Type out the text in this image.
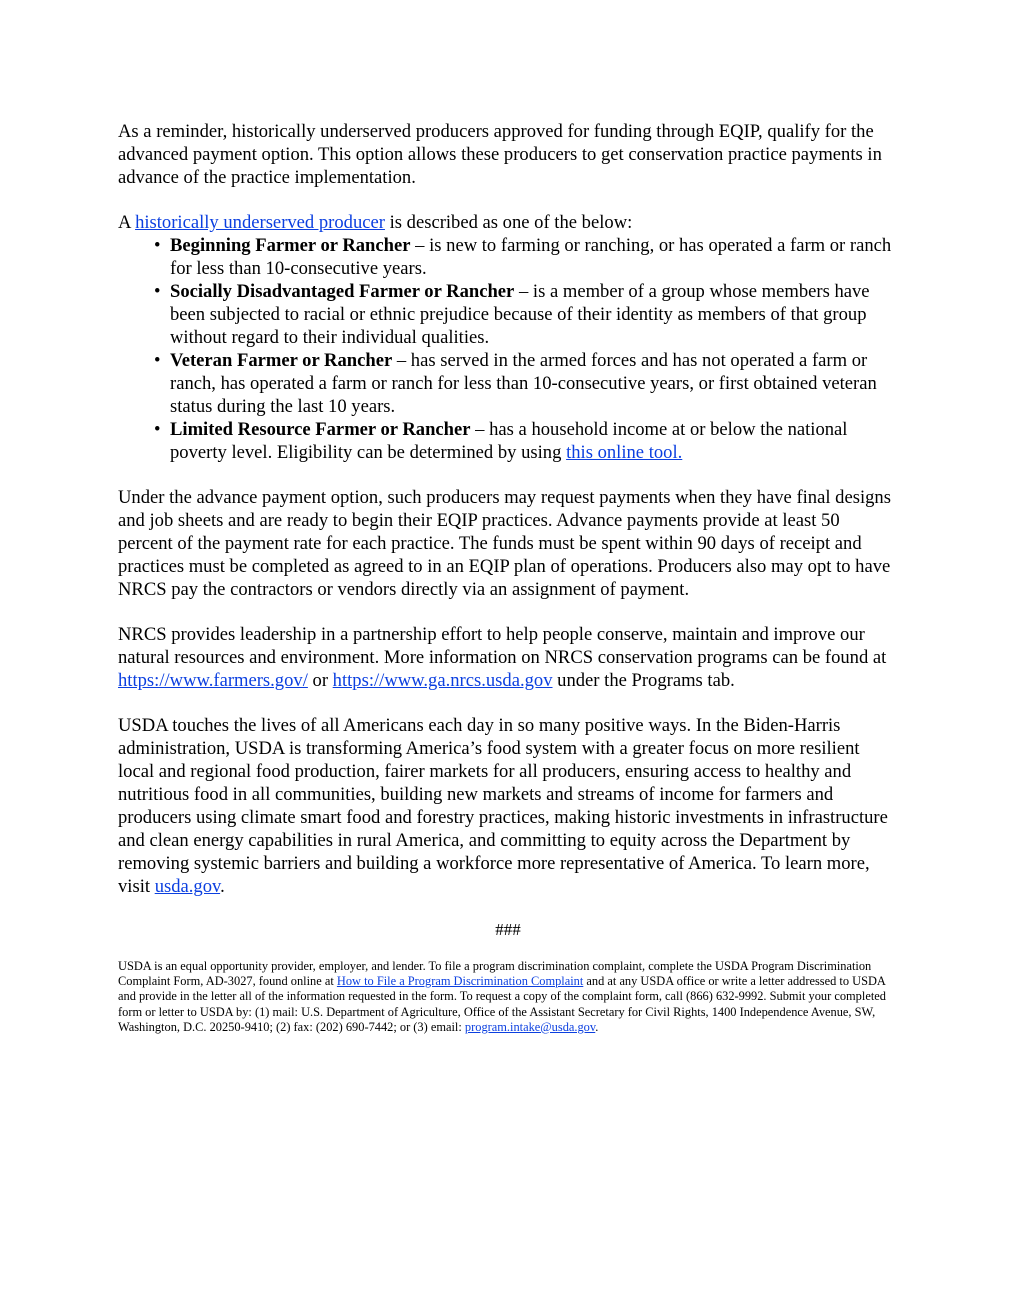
As a reminder, historically underserved producers approved for funding through EQIP, qualify for the advanced payment option. This option allows these producers to get conservation practice payments in advance of the practice implementation.

A historically underserved producer is described as one of the below:

• Beginning Farmer or Rancher – is new to farming or ranching, or has operated a farm or ranch for less than 10-consecutive years.
• Socially Disadvantaged Farmer or Rancher – is a member of a group whose members have been subjected to racial or ethnic prejudice because of their identity as members of that group without regard to their individual qualities.
• Veteran Farmer or Rancher – has served in the armed forces and has not operated a farm or ranch, has operated a farm or ranch for less than 10-consecutive years, or first obtained veteran status during the last 10 years.
• Limited Resource Farmer or Rancher – has a household income at or below the national poverty level. Eligibility can be determined by using this online tool.

Under the advance payment option, such producers may request payments when they have final designs and job sheets and are ready to begin their EQIP practices. Advance payments provide at least 50 percent of the payment rate for each practice. The funds must be spent within 90 days of receipt and practices must be completed as agreed to in an EQIP plan of operations. Producers also may opt to have NRCS pay the contractors or vendors directly via an assignment of payment.

NRCS provides leadership in a partnership effort to help people conserve, maintain and improve our natural resources and environment. More information on NRCS conservation programs can be found at https://www.farmers.gov/ or https://www.ga.nrcs.usda.gov under the Programs tab.

USDA touches the lives of all Americans each day in so many positive ways. In the Biden-Harris administration, USDA is transforming America’s food system with a greater focus on more resilient local and regional food production, fairer markets for all producers, ensuring access to healthy and nutritious food in all communities, building new markets and streams of income for farmers and producers using climate smart food and forestry practices, making historic investments in infrastructure and clean energy capabilities in rural America, and committing to equity across the Department by removing systemic barriers and building a workforce more representative of America. To learn more, visit usda.gov.

###

USDA is an equal opportunity provider, employer, and lender. To file a program discrimination complaint, complete the USDA Program Discrimination Complaint Form, AD-3027, found online at How to File a Program Discrimination Complaint and at any USDA office or write a letter addressed to USDA and provide in the letter all of the information requested in the form. To request a copy of the complaint form, call (866) 632-9992. Submit your completed form or letter to USDA by: (1) mail: U.S. Department of Agriculture, Office of the Assistant Secretary for Civil Rights, 1400 Independence Avenue, SW, Washington, D.C. 20250-9410; (2) fax: (202) 690-7442; or (3) email: program.intake@usda.gov.
